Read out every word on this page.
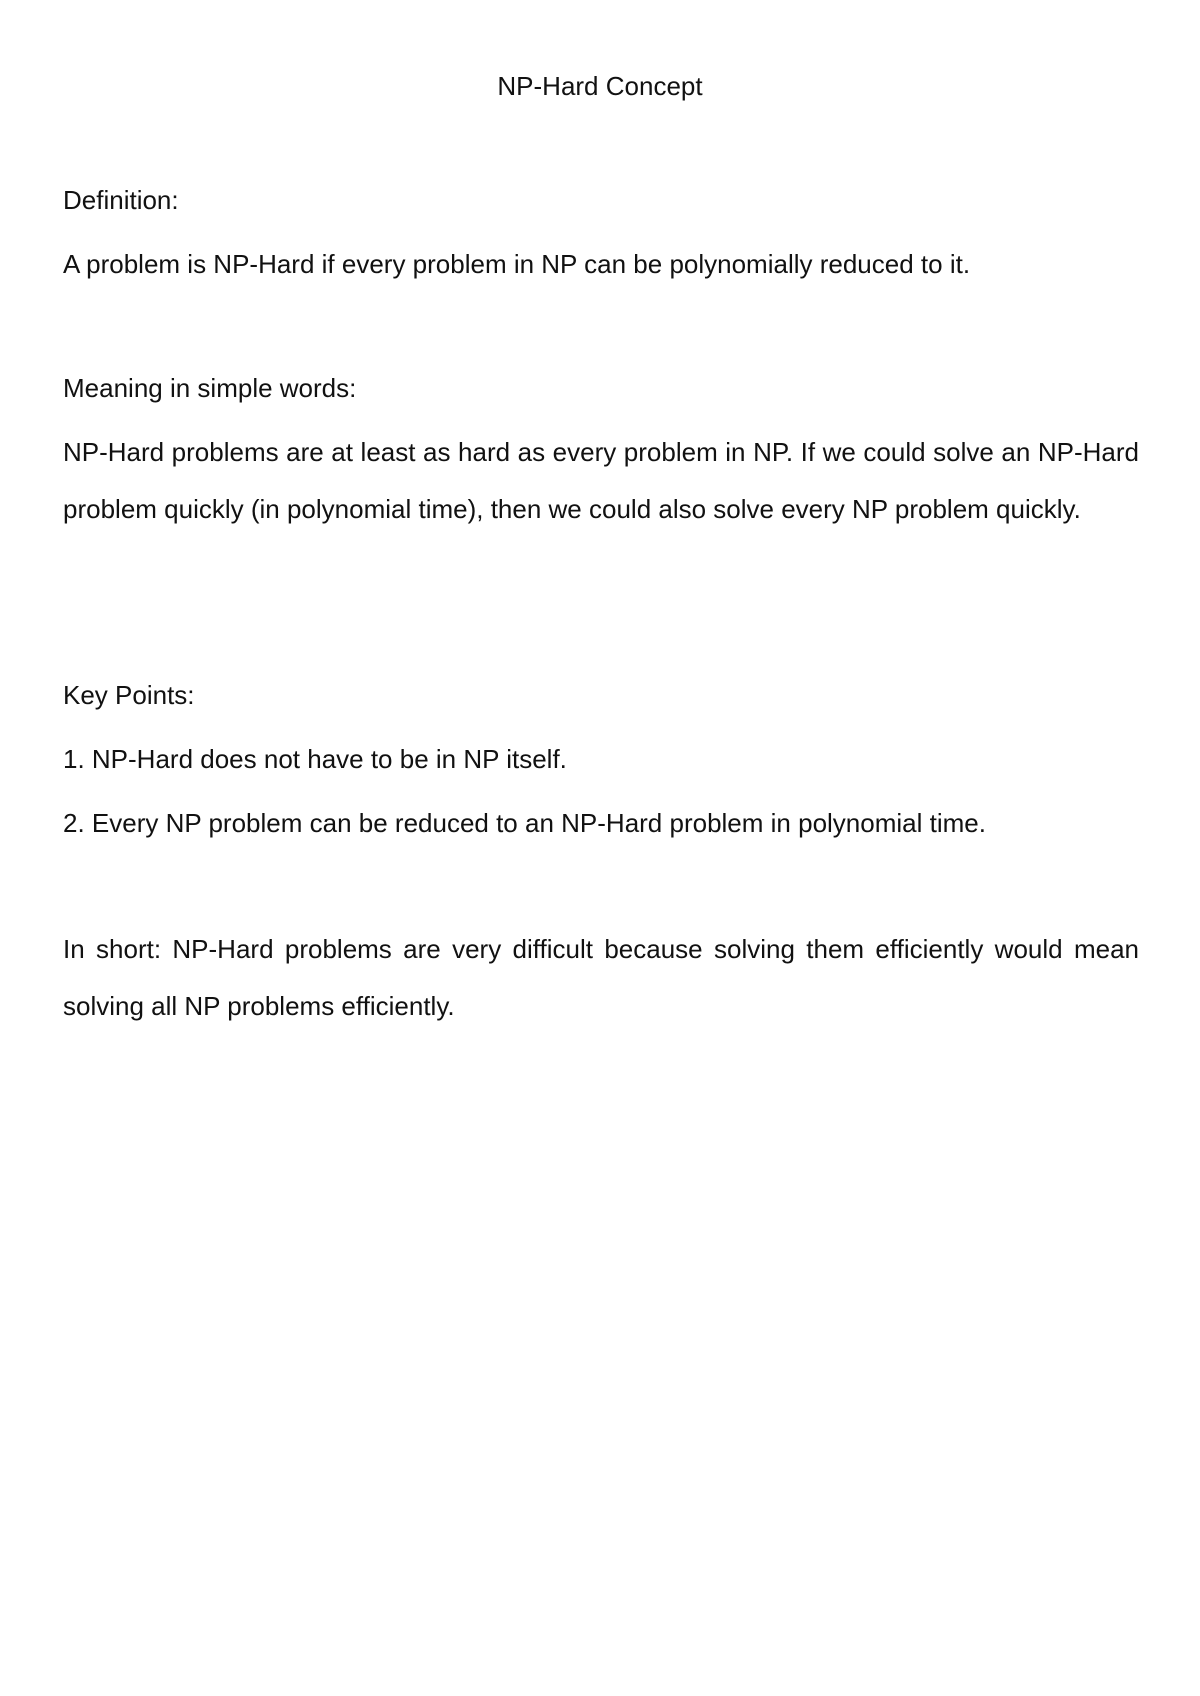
NP-Hard Concept
Definition:
A problem is NP-Hard if every problem in NP can be polynomially reduced to it.
Meaning in simple words:

NP-Hard problems are at least as hard as every problem in NP. If we could solve an NP-Hard problem quickly (in polynomial time), then we could also solve every NP problem quickly.

Key Points:
1. NP-Hard does not have to be in NP itself.
2. Every NP problem can be reduced to an NP-Hard problem in polynomial time.

In short: NP-Hard problems are very difficult because solving them efficiently would mean solving all NP problems efficiently.
